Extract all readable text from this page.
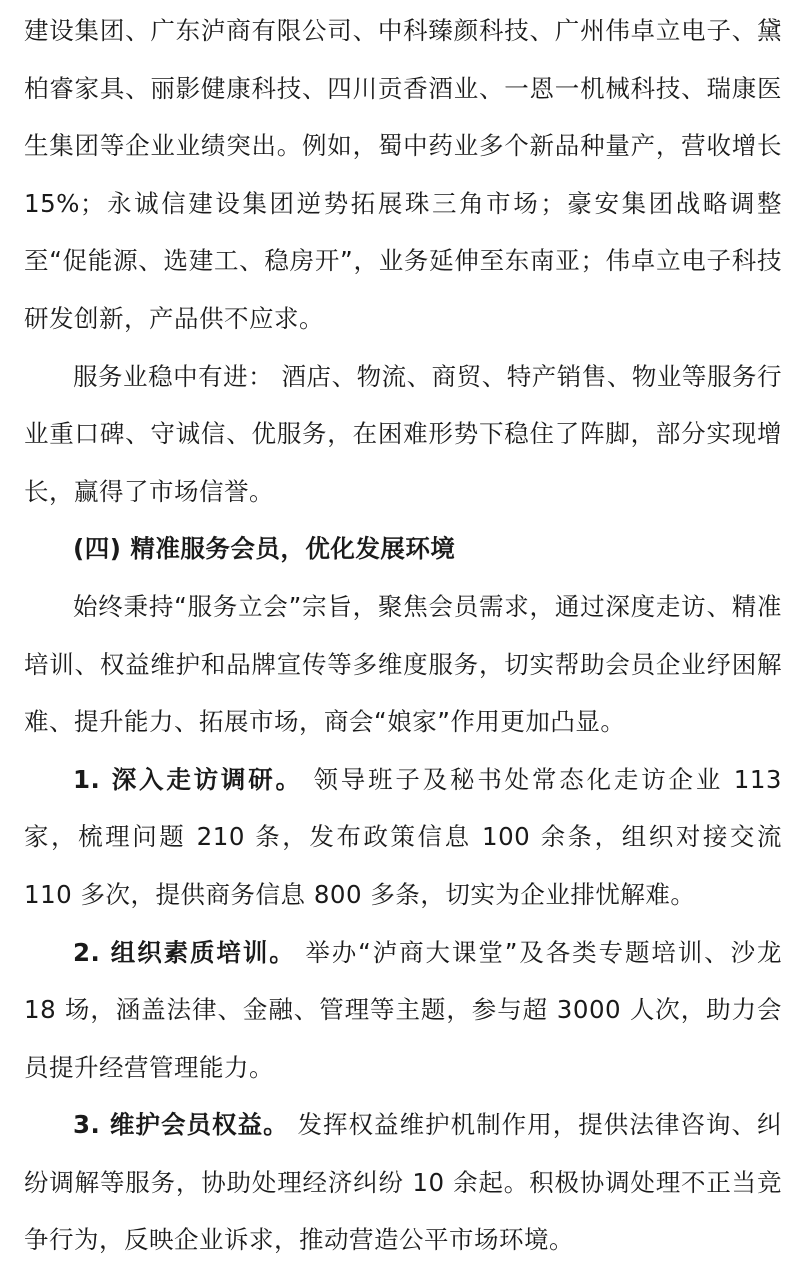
建设集团、广东泸商有限公司、中科臻颜科技、广州伟卓立电子、黛柏睿家具、丽影健康科技、四川贡香酒业、一恩一机械科技、瑞康医生集团等企业业绩突出。例如，蜀中药业多个新品种量产，营收增长15%；永诚信建设集团逆势拓展珠三角市场；豪安集团战略调整至“促能源、选建工、稳房开”，业务延伸至东南亚；伟卓立电子科技研发创新，产品供不应求。

服务业稳中有进： 酒店、物流、商贸、特产销售、物业等服务行业重口碑、守诚信、优服务，在困难形势下稳住了阵脚，部分实现增长，赢得了市场信誉。

(四) 精准服务会员，优化发展环境

始终秉持“服务立会”宗旨，聚焦会员需求，通过深度走访、精准培训、权益维护和品牌宣传等多维度服务，切实帮助会员企业纾困解难、提升能力、拓展市场，商会“娘家”作用更加凸显。

1. 深入走访调研。 领导班子及秘书处常态化走访企业 113 家，梳理问题 210 条，发布政策信息 100 余条，组织对接交流 110 多次，提供商务信息 800 多条，切实为企业排忧解难。

2. 组织素质培训。 举办“泸商大课堂”及各类专题培训、沙龙 18 场，涵盖法律、金融、管理等主题，参与超 3000 人次，助力会员提升经营管理能力。

3. 维护会员权益。 发挥权益维护机制作用，提供法律咨询、纠纷调解等服务，协助处理经济纠纷 10 余起。积极协调处理不正当竞争行为，反映企业诉求，推动营造公平市场环境。
